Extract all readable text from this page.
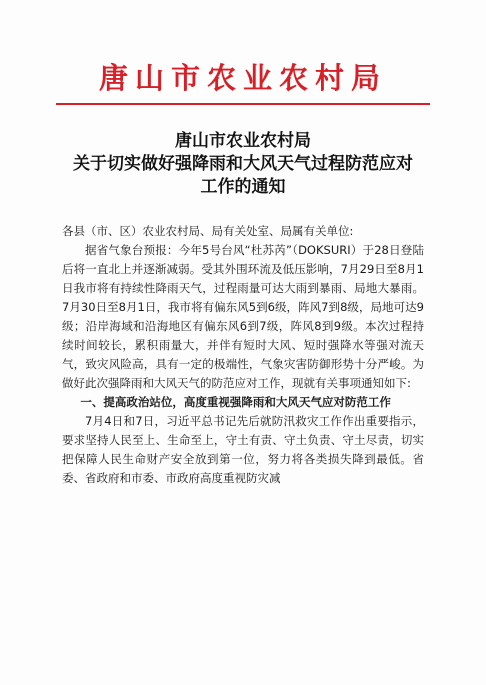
唐山市农业农村局
唐山市农业农村局
关于切实做好强降雨和大风天气过程防范应对
工作的通知

各县（市、区）农业农村局、局有关处室、局属有关单位:

据省气象台预报：今年5号台风“杜苏芮”（DOKSURI）于28日登陆后将一直北上并逐渐减弱。受其外围环流及低压影响，7月29日至8月1日我市将有持续性降雨天气，过程雨量可达大雨到暴雨、局地大暴雨。7月30日至8月1日，我市将有偏东风5到6级，阵风7到8级，局地可达9级；沿岸海域和沿海地区有偏东风6到7级，阵风8到9级。本次过程持续时间较长，累积雨量大，并伴有短时大风、短时强降水等强对流天气，致灾风险高，具有一定的极端性，气象灾害防御形势十分严峻。为做好此次强降雨和大风天气的防范应对工作，现就有关事项通知如下:

一、提高政治站位，高度重视强降雨和大风天气应对防范工作

7月4日和7日，习近平总书记先后就防汛救灾工作作出重要指示，要求坚持人民至上、生命至上，守土有责、守土负责、守土尽责，切实把保障人民生命财产安全放到第一位，努力将各类损失降到最低。省委、省政府和市委、市政府高度重视防灾减
